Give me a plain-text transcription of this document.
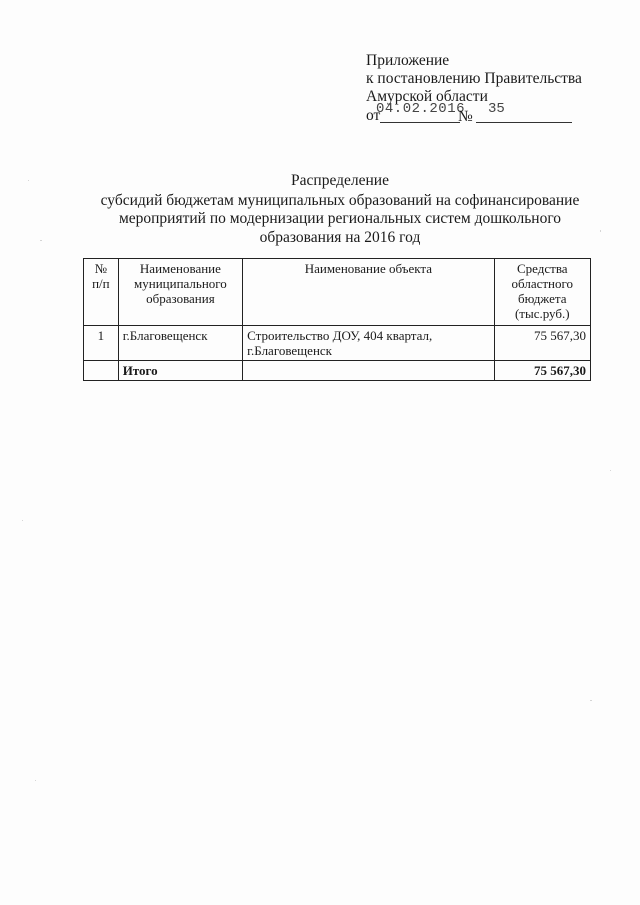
Приложение
к постановлению Правительства
Амурской области
от
04.02.2016
№ 35
Распределение
субсидий бюджетам муниципальных образований на софинансирование
мероприятий по модернизации региональных систем дошкольного
образования на 2016 год
№ п/п	Наименование муниципального образования	Наименование объекта	Средства областного бюджета (тыс.руб.)
1	г.Благовещенск	Строительство ДОУ, 404 квартал, г.Благовещенск	75 567,30
	Итого		75 567,30
